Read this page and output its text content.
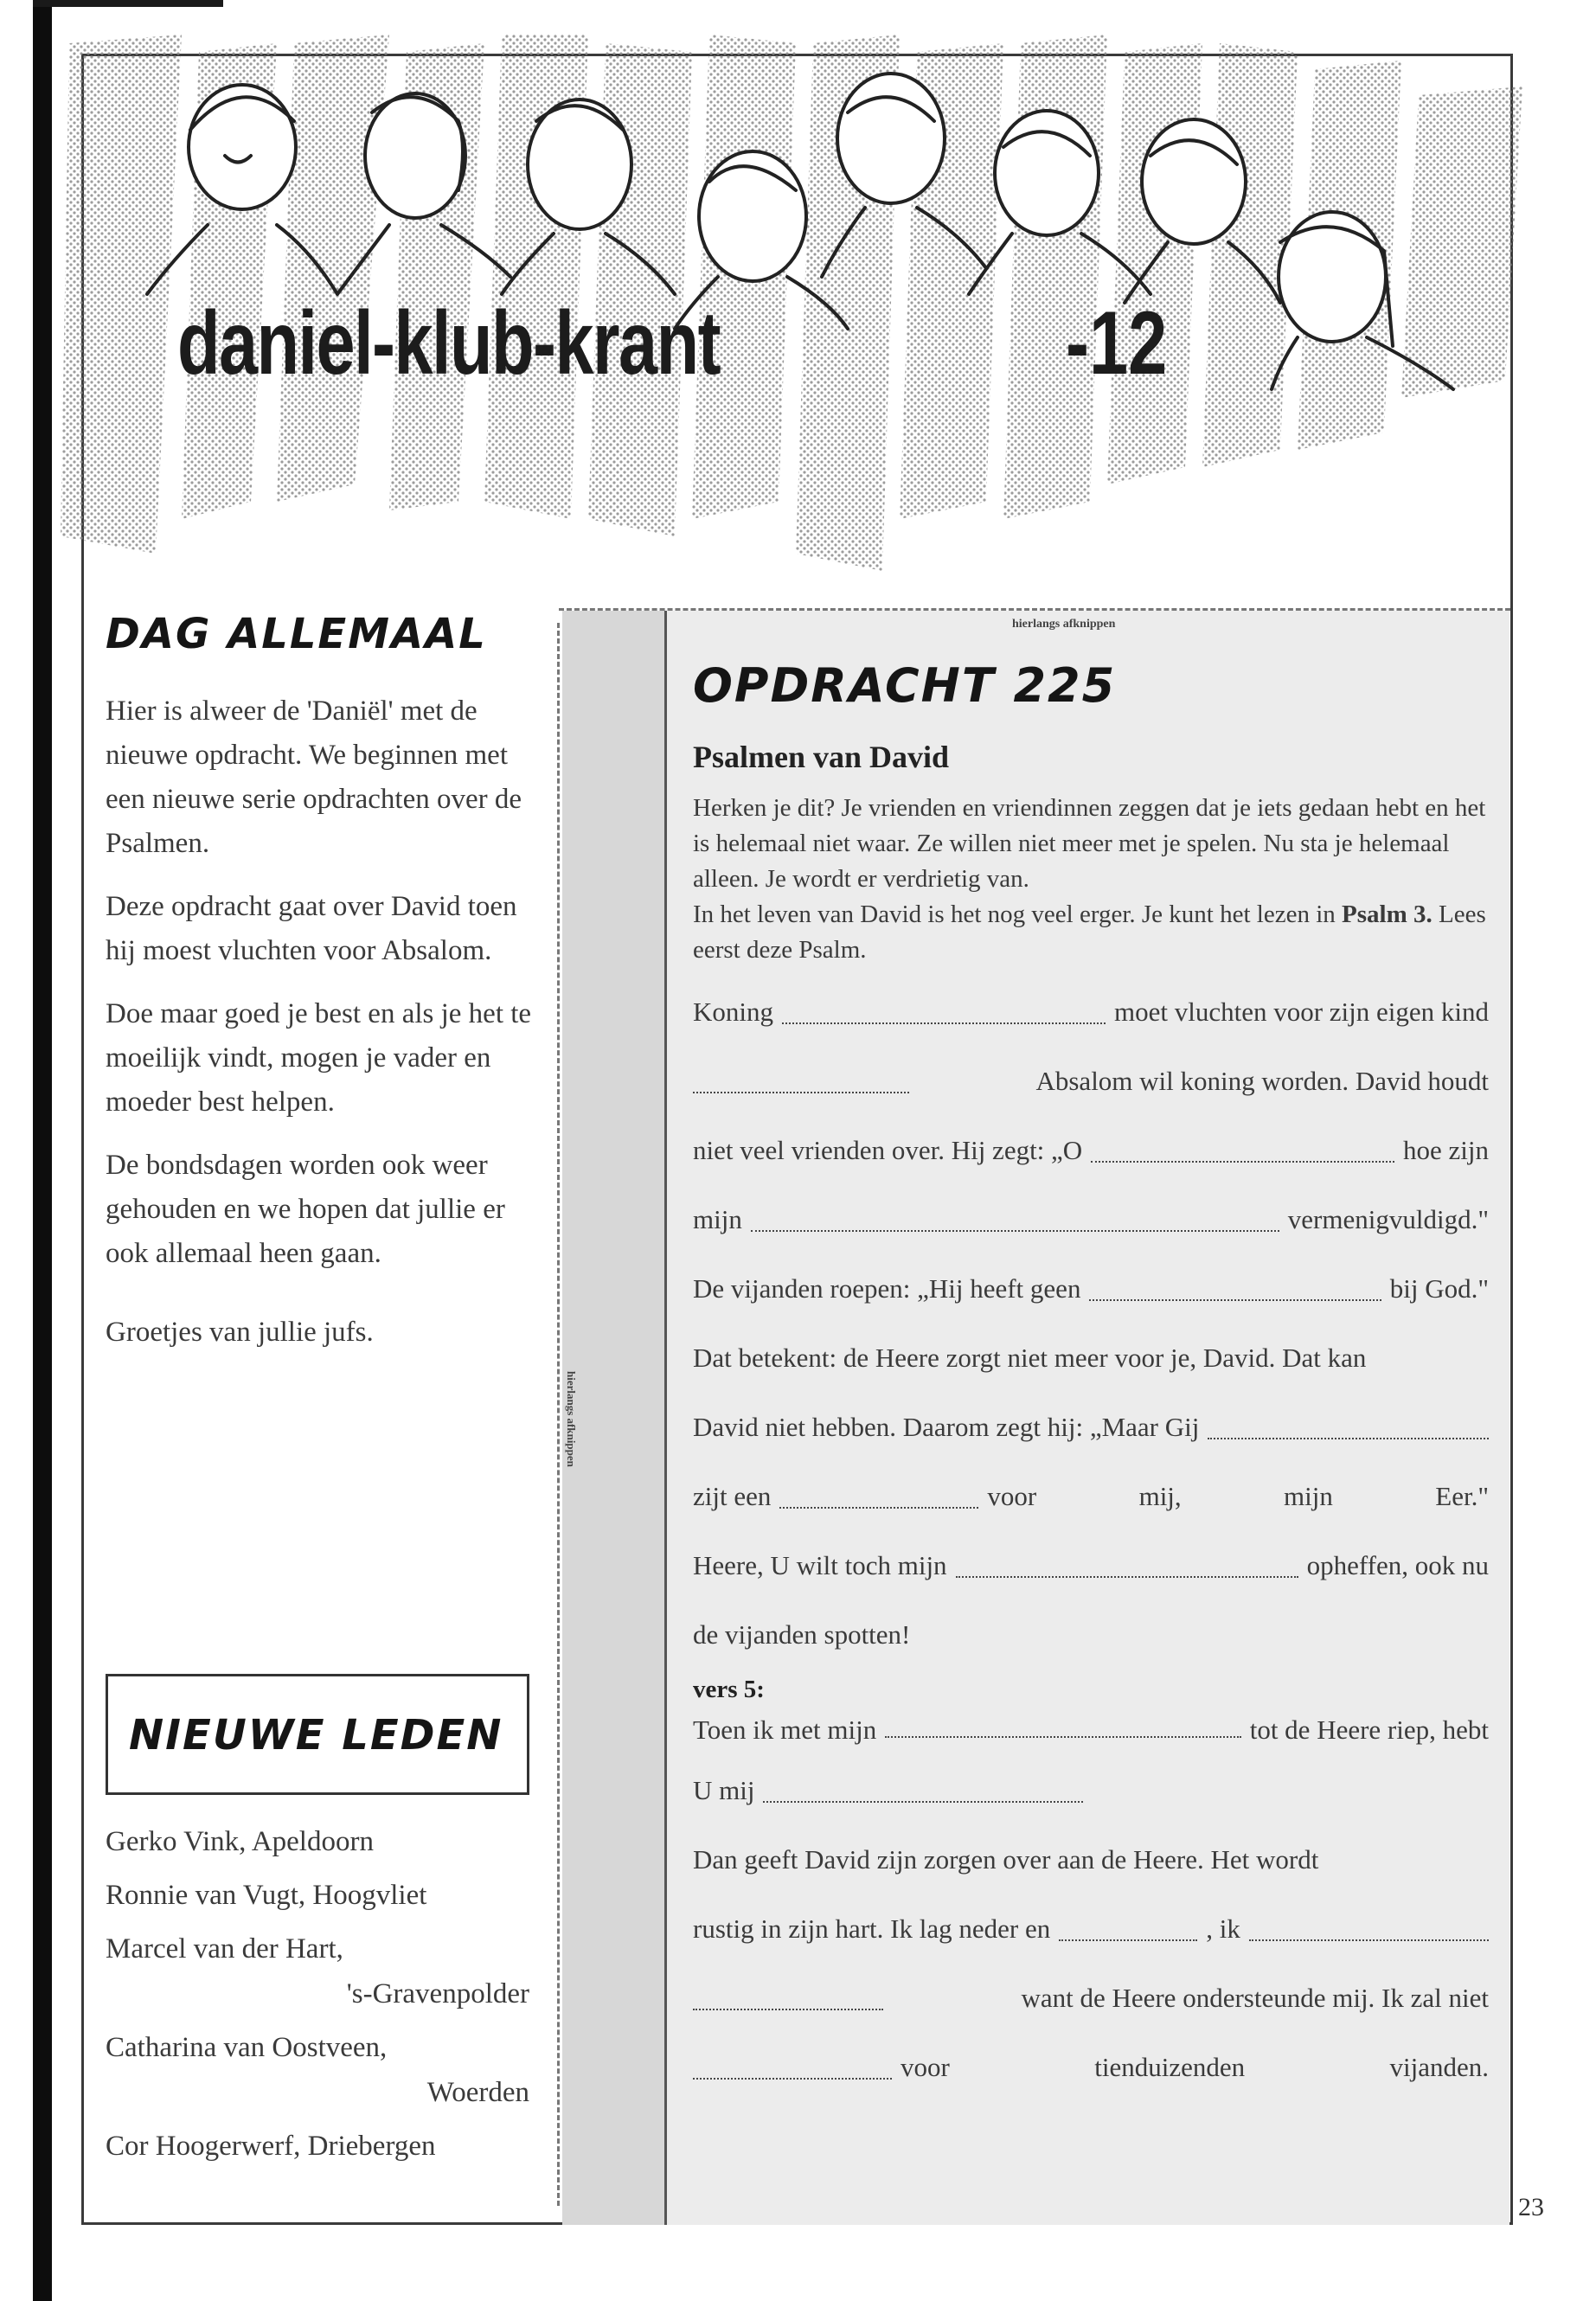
daniel-klub-krant	-12
DAG ALLEMAAL

Hier is alweer de 'Daniël' met de nieuwe opdracht. We beginnen met een nieuwe serie opdrachten over de Psalmen.

Deze opdracht gaat over David toen hij moest vluchten voor Absalom.

Doe maar goed je best en als je het te moeilijk vindt, mogen je vader en moeder best helpen.

De bondsdagen worden ook weer gehouden en we hopen dat jullie er ook allemaal heen gaan.

Groetjes van jullie jufs.

NIEUWE LEDEN
Gerko Vink, Apeldoorn
Ronnie van Vugt, Hoogvliet
Marcel van der Hart,
's-Gravenpolder
Catharina van Oostveen,
Woerden
Cor Hoogerwerf, Driebergen
hierlangs afknippen
OPDRACHT 225

Psalmen van David

Herken je dit? Je vrienden en vriendinnen zeggen dat je iets gedaan hebt en het is helemaal niet waar. Ze willen niet meer met je spelen. Nu sta je helemaal alleen. Je wordt er verdrietig van.

In het leven van David is het nog veel erger. Je kunt het lezen in Psalm 3. Lees eerst deze Psalm.

Koning	moet vluchten voor zijn eigen kind
Absalom wil koning worden. David houdt
niet veel vrienden over. Hij zegt: „O	hoe zijn
mijn	vermenigvuldigd."
De vijanden roepen: „Hij heeft geen	bij God."
Dat betekent: de Heere zorgt niet meer voor je, David. Dat kan
David niet hebben. Daarom zegt hij: „Maar Gij
zijt een	voor mij, mijn Eer."
Heere, U wilt toch mijn	opheffen, ook nu
de vijanden spotten!

vers 5:

Toen ik met mijn	tot de Heere riep, hebt
U mij
Dan geeft David zijn zorgen over aan de Heere. Het wordt
rustig in zijn hart. Ik lag neder en	, ik
want de Heere ondersteunde mij. Ik zal niet
voor tienduizenden vijanden.
hierlangs afknippen
23
